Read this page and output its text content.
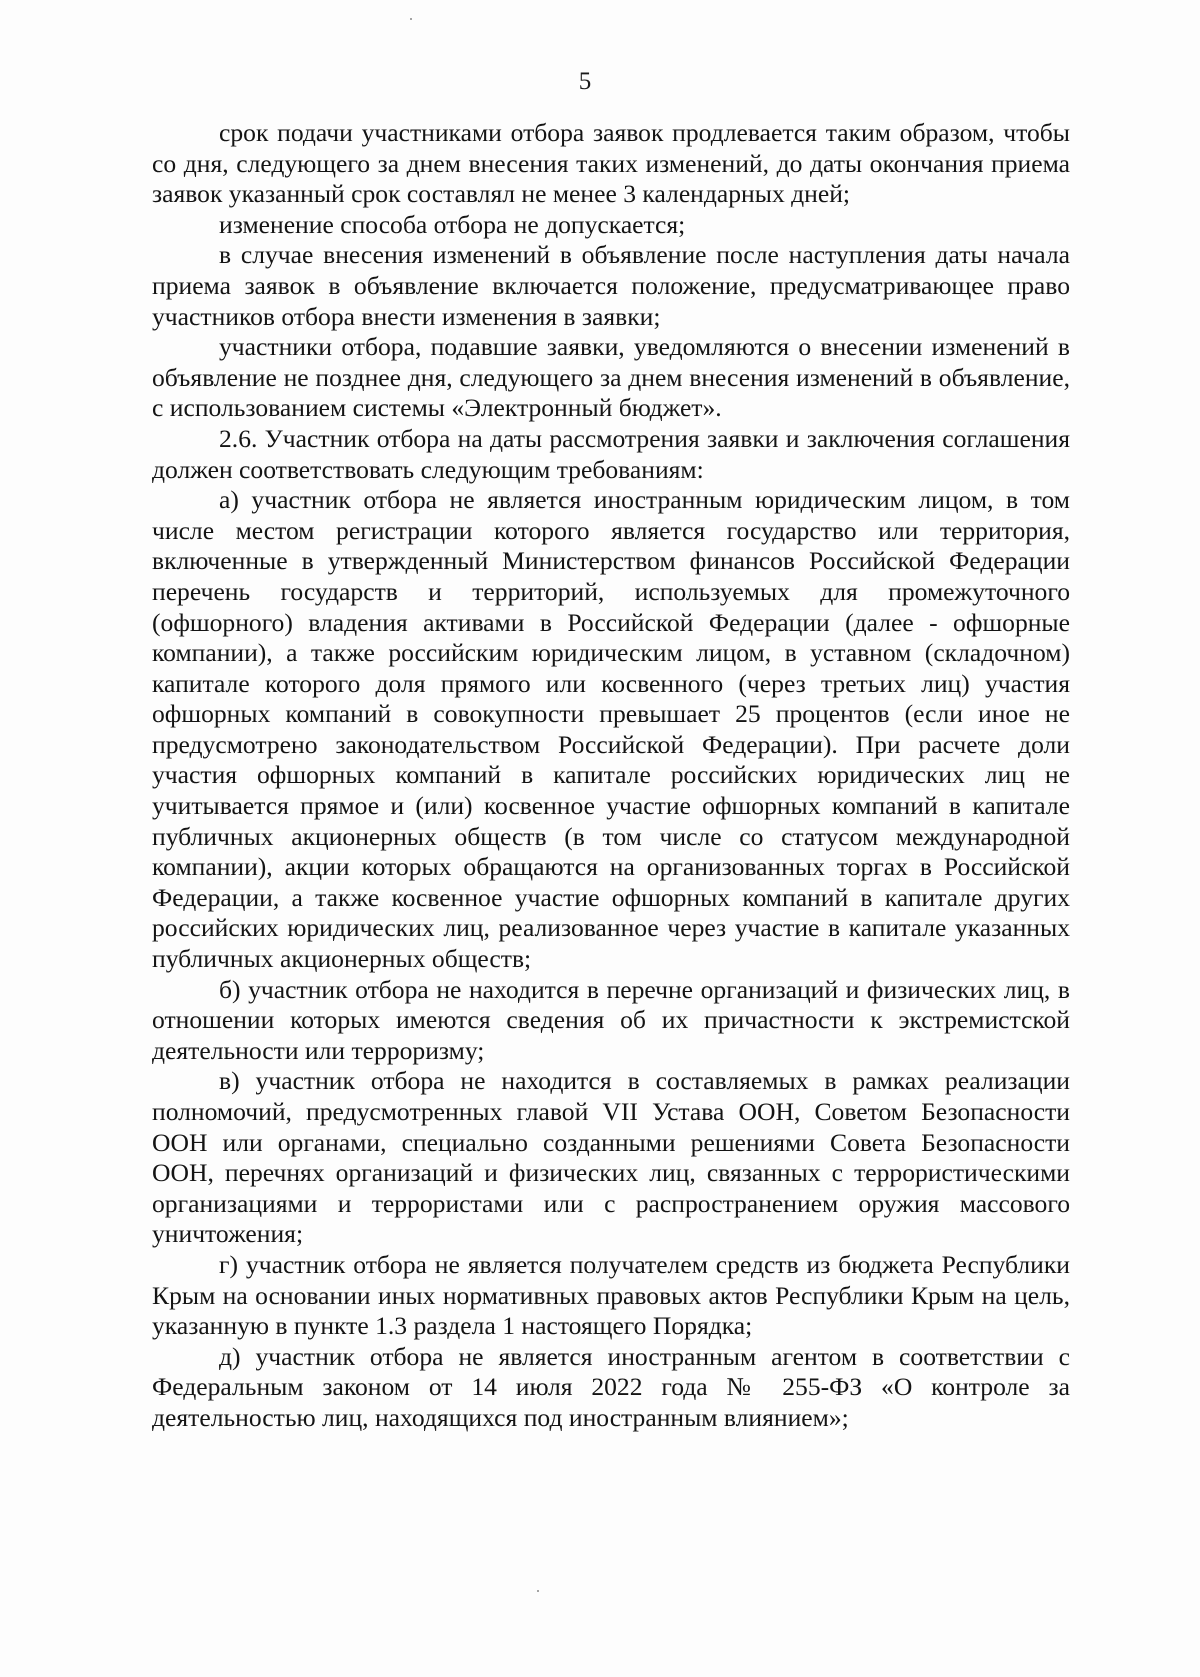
5

срок подачи участниками отбора заявок продлевается таким образом, чтобы со дня, следующего за днем внесения таких изменений, до даты окончания приема заявок указанный срок составлял не менее 3 календарных дней;

изменение способа отбора не допускается;

в случае внесения изменений в объявление после наступления даты начала приема заявок в объявление включается положение, предусматривающее право участников отбора внести изменения в заявки;

участники отбора, подавшие заявки, уведомляются о внесении изменений в объявление не позднее дня, следующего за днем внесения изменений в объявление, с использованием системы «Электронный бюджет».

2.6. Участник отбора на даты рассмотрения заявки и заключения соглашения должен соответствовать следующим требованиям:

а) участник отбора не является иностранным юридическим лицом, в том числе местом регистрации которого является государство или территория, включенные в утвержденный Министерством финансов Российской Федерации перечень государств и территорий, используемых для промежуточного (офшорного) владения активами в Российской Федерации (далее - офшорные компании), а также российским юридическим лицом, в уставном (складочном) капитале которого доля прямого или косвенного (через третьих лиц) участия офшорных компаний в совокупности превышает 25 процентов (если иное не предусмотрено законодательством Российской Федерации). При расчете доли участия офшорных компаний в капитале российских юридических лиц не учитывается прямое и (или) косвенное участие офшорных компаний в капитале публичных акционерных обществ (в том числе со статусом международной компании), акции которых обращаются на организованных торгах в Российской Федерации, а также косвенное участие офшорных компаний в капитале других российских юридических лиц, реализованное через участие в капитале указанных публичных акционерных обществ;

б) участник отбора не находится в перечне организаций и физических лиц, в отношении которых имеются сведения об их причастности к экстремистской деятельности или терроризму;

в) участник отбора не находится в составляемых в рамках реализации полномочий, предусмотренных главой VII Устава ООН, Советом Безопасности ООН или органами, специально созданными решениями Совета Безопасности ООН, перечнях организаций и физических лиц, связанных с террористическими организациями и террористами или с распространением оружия массового уничтожения;

г) участник отбора не является получателем средств из бюджета Республики Крым на основании иных нормативных правовых актов Республики Крым на цель, указанную в пункте 1.3 раздела 1 настоящего Порядка;

д) участник отбора не является иностранным агентом в соответствии с Федеральным законом от 14 июля 2022 года № 255-ФЗ «О контроле за деятельностью лиц, находящихся под иностранным влиянием»;
